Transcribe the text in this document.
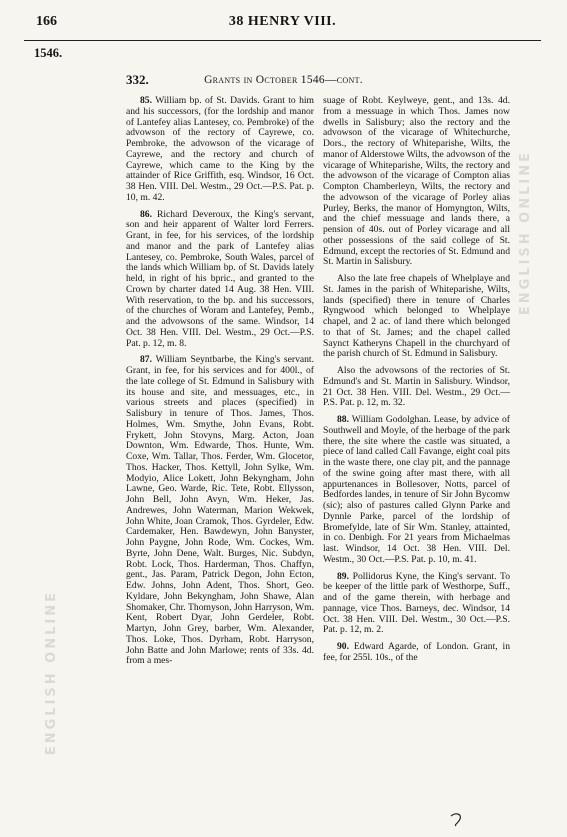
166	38 HENRY VIII.
1546.
332.	Grants in October 1546—cont.
ENGLISH ONLINE
ENGLISH ONLINE

85. William bp. of St. Davids. Grant to him and his successors, (for the lordship and manor of Lantefey alias Lantesey, co. Pembroke) of the advowson of the rectory of Cayrewe, co. Pembroke, the advowson of the vicarage of Cayrewe, and the rectory and church of Cayrewe, which came to the King by the attainder of Rice Griffith, esq. Windsor, 16 Oct. 38 Hen. VIII. Del. Westm., 29 Oct.—P.S. Pat. p. 10, m. 42.

86. Richard Deveroux, the King's servant, son and heir apparent of Walter lord Ferrers. Grant, in fee, for his services, of the lordship and manor and the park of Lantefey alias Lantesey, co. Pembroke, South Wales, parcel of the lands which William bp. of St. Davids lately held, in right of his bpric., and granted to the Crown by charter dated 14 Aug. 38 Hen. VIII. With reservation, to the bp. and his successors, of the churches of Woram and Lantefey, Pemb., and the advowsons of the same. Windsor, 14 Oct. 38 Hen. VIII. Del. Westm., 29 Oct.—P.S. Pat. p. 12, m. 8.

87. William Seyntbarbe, the King's servant. Grant, in fee, for his services and for 400l., of the late college of St. Edmund in Salisbury with its house and site, and messuages, etc., in various streets and places (specified) in Salisbury in tenure of Thos. James, Thos. Holmes, Wm. Smythe, John Evans, Robt. Frykett, John Stovyns, Marg. Acton, Joan Downton, Wm. Edwarde, Thos. Hunte, Wm. Coxe, Wm. Tallar, Thos. Ferder, Wm. Glocetor, Thos. Hacker, Thos. Kettyll, John Sylke, Wm. Modyio, Alice Lokett, John Bekyngham, John Lawne, Geo. Warde, Ric. Tete, Robt. Ellysson, John Bell, John Avyn, Wm. Heker, Jas. Andrewes, John Waterman, Marion Wekwek, John White, Joan Cramok, Thos. Gyrdeler, Edw. Cardemaker, Hen. Bawdewyn, John Banyster, John Paygne, John Rode, Wm. Cockes, Wm. Byrte, John Dene, Walt. Burges, Nic. Subdyn, Robt. Lock, Thos. Harderman, Thos. Chaffyn, gent., Jas. Param, Patrick Degon, John Ecton, Edw. Johns, John Adent, Thos. Short, Geo. Kyldare, John Bekyngham, John Shawe, Alan Shomaker, Chr. Thomyson, John Harryson, Wm. Kent, Robert Dyar, John Gerdeler, Robt. Martyn, John Grey, barber, Wm. Alexander, Thos. Loke, Thos. Dyrham, Robt. Harryson, John Batte and John Marlowe; rents of 33s. 4d. from a mes-

suage of Robt. Keylweye, gent., and 13s. 4d. from a messuage in which Thos. James now dwells in Salisbury; also the rectory and the advowson of the vicarage of Whitechurche, Dors., the rectory of Whiteparishe, Wilts, the manor of Alderstowe Wilts, the advowson of the vicarage of Whiteparishe, Wilts, the rectory and the advowson of the vicarage of Compton alias Compton Chamberleyn, Wilts, the rectory and the advowson of the vicarage of Porley alias Purley, Berks, the manor of Homyngton, Wilts, and the chief messuage and lands there, a pension of 40s. out of Porley vicarage and all other possessions of the said college of St. Edmund, except the rectories of St. Edmund and St. Martin in Salisbury.

Also the late free chapels of Whelplaye and St. James in the parish of Whiteparishe, Wilts, lands (specified) there in tenure of Charles Ryngwood which belonged to Whelplaye chapel, and 2 ac. of land there which belonged to that of St. James; and the chapel called Saynct Katheryns Chapell in the churchyard of the parish church of St. Edmund in Salisbury.

Also the advowsons of the rectories of St. Edmund's and St. Martin in Salisbury. Windsor, 21 Oct. 38 Hen. VIII. Del. Westm., 29 Oct.—P.S. Pat. p. 12, m. 32.

88. William Godolghan. Lease, by advice of Southwell and Moyle, of the herbage of the park there, the site where the castle was situated, a piece of land called Call Favange, eight coal pits in the waste there, one clay pit, and the pannage of the swine going after mast there, with all appurtenances in Bollesover, Notts, parcel of Bedfordes landes, in tenure of Sir John Bycomw (sic); also of pastures called Glynn Parke and Dynnle Parke, parcel of the lordship of Bromefylde, late of Sir Wm. Stanley, attainted, in co. Denbigh. For 21 years from Michaelmas last. Windsor, 14 Oct. 38 Hen. VIII. Del. Westm., 30 Oct.—P.S. Pat. p. 10, m. 41.

89. Pollidorus Kyne, the King's servant. To be keeper of the little park of Westhorpe, Suff., and of the game therein, with herbage and pannage, vice Thos. Barneys, dec. Windsor, 14 Oct. 38 Hen. VIII. Del. Westm., 30 Oct.—P.S. Pat. p. 12, m. 2.

90. Edward Agarde, of London. Grant, in fee, for 255l. 10s., of the
